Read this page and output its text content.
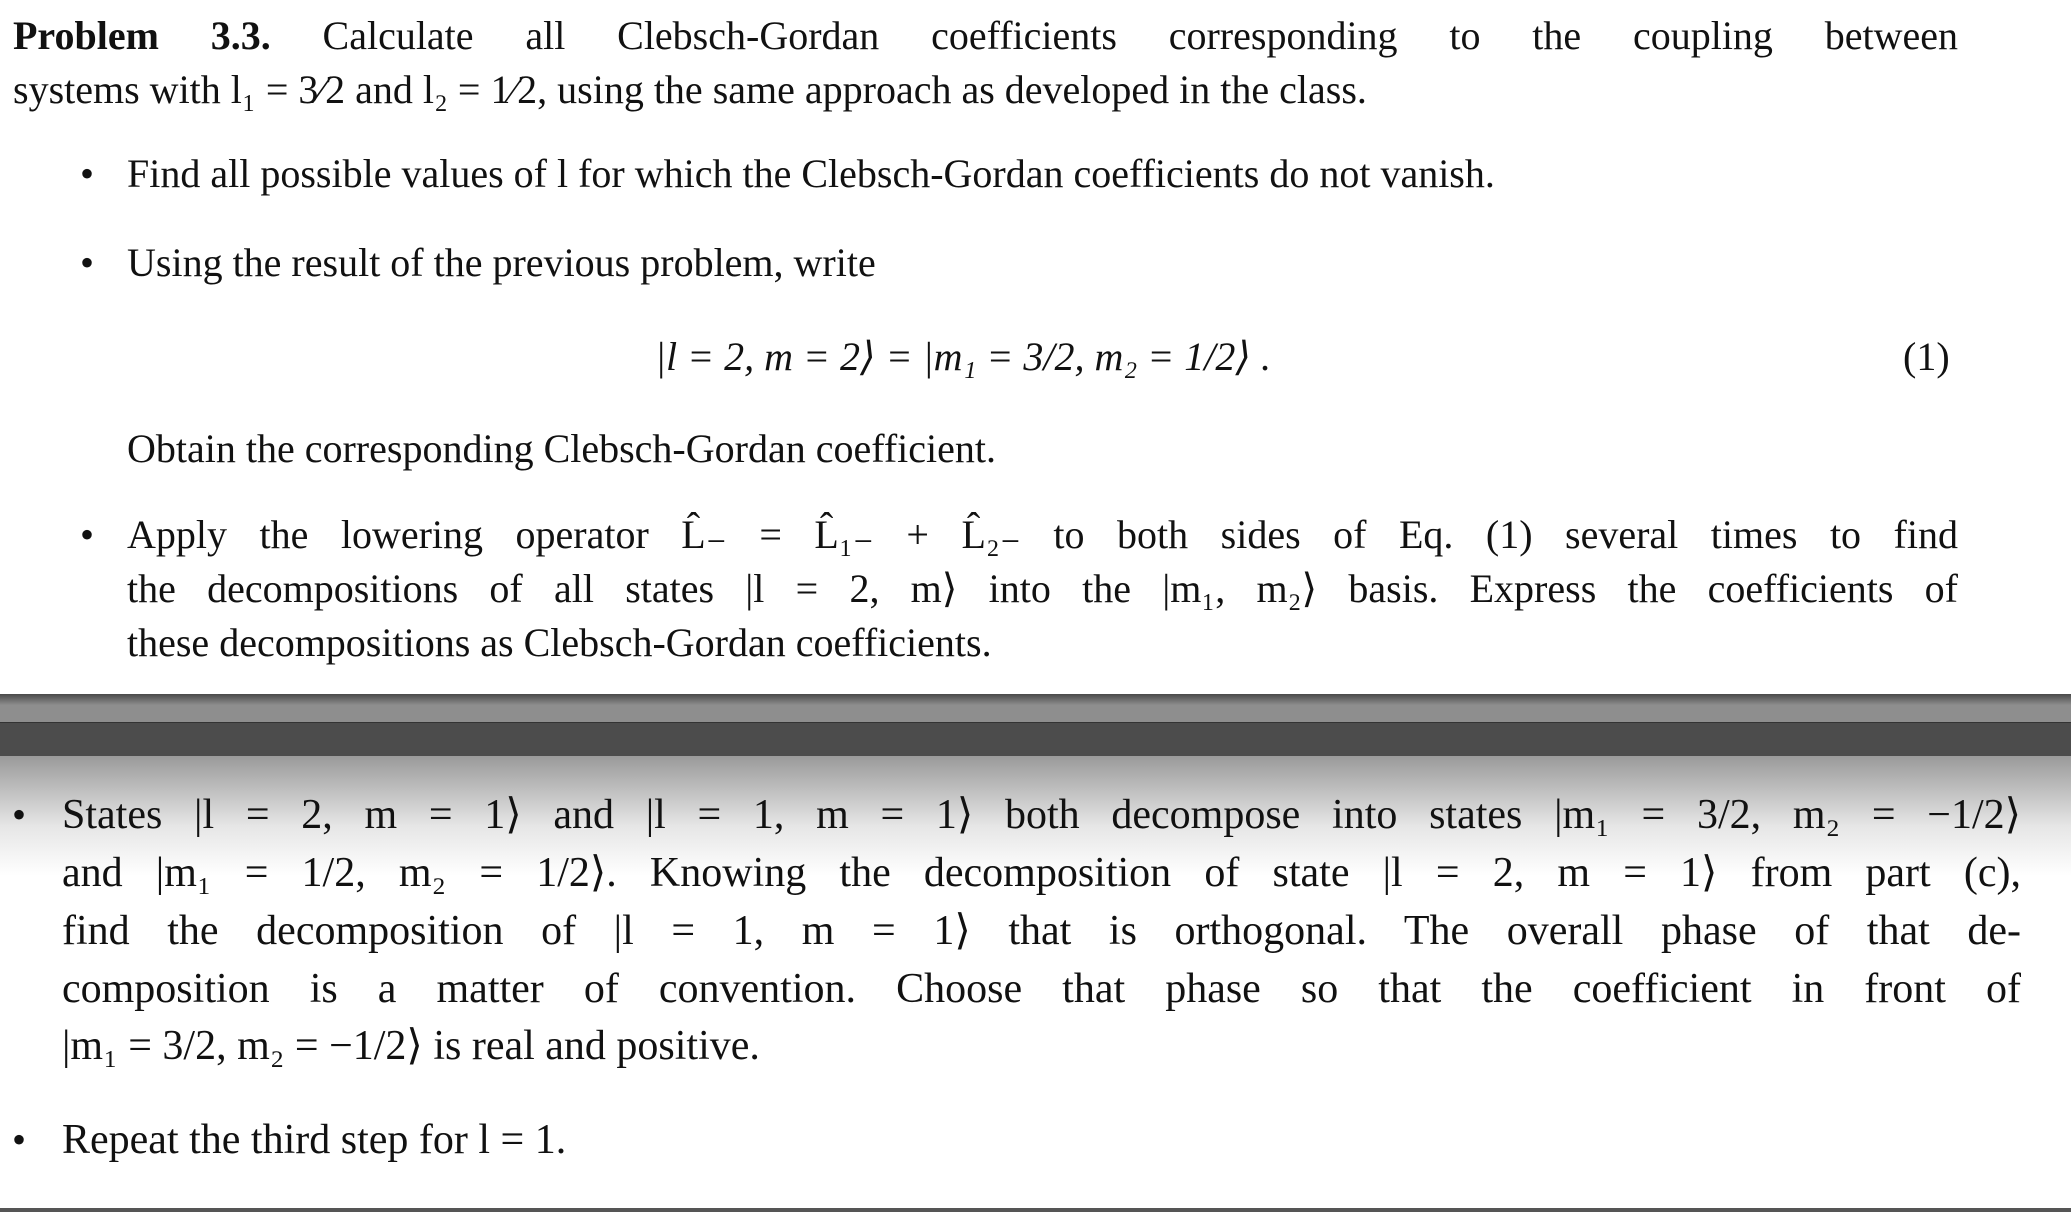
Problem 3.3. Calculate all Clebsch-Gordan coefficients corresponding to the coupling between
systems with l₁ = 3⁄2 and l₂ = 1⁄2, using the same approach as developed in the class.
• Find all possible values of l for which the Clebsch-Gordan coefficients do not vanish.
• Using the result of the previous problem, write
|l = 2, m = 2⟩ = |m₁ = 3/2, m₂ = 1/2⟩ .	(1)
Obtain the corresponding Clebsch-Gordan coefficient.
• Apply the lowering operator L̂₋ = L̂₁₋ + L̂₂₋ to both sides of Eq. (1) several times to find
the decompositions of all states |l = 2, m⟩ into the |m₁, m₂⟩ basis. Express the coefficients of
these decompositions as Clebsch-Gordan coefficients.
• States |l = 2, m = 1⟩ and |l = 1, m = 1⟩ both decompose into states |m₁ = 3/2, m₂ = −1/2⟩
and |m₁ = 1/2, m₂ = 1/2⟩. Knowing the decomposition of state |l = 2, m = 1⟩ from part (c),
find the decomposition of |l = 1, m = 1⟩ that is orthogonal. The overall phase of that de-
composition is a matter of convention. Choose that phase so that the coefficient in front of
|m₁ = 3/2, m₂ = −1/2⟩ is real and positive.
• Repeat the third step for l = 1.
